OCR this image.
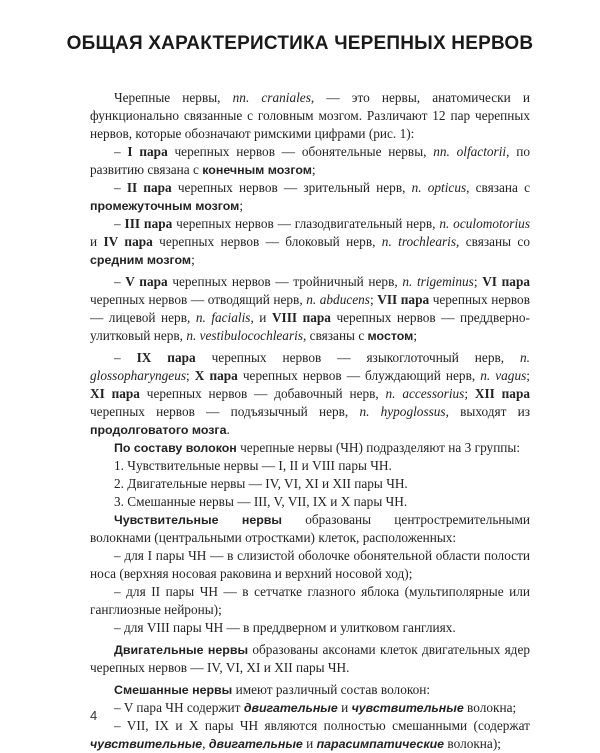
ОБЩАЯ ХАРАКТЕРИСТИКА ЧЕРЕПНЫХ НЕРВОВ

Черепные нервы, nn. craniales, — это нервы, анатомически и функционально связанные с головным мозгом. Различают 12 пар черепных нервов, которые обозначают римскими цифрами (рис. 1):

– I пара черепных нервов — обонятельные нервы, nn. olfactorii, по развитию связана с конечным мозгом;

– II пара черепных нервов — зрительный нерв, n. opticus, связана с промежуточным мозгом;

– III пара черепных нервов — глазодвигательный нерв, n. oculomotorius и IV пара черепных нервов — блоковый нерв, n. trochlearis, связаны со средним мозгом;

– V пара черепных нервов — тройничный нерв, n. trigeminus; VI пара черепных нервов — отводящий нерв, n. abducens; VII пара черепных нервов — лицевой нерв, n. facialis, и VIII пара черепных нервов — преддверно-улитковый нерв, n. vestibulocochlearis, связаны с мостом;

– IX пара черепных нервов — языкоглоточный нерв, n. glossopharyngeus; X пара черепных нервов — блуждающий нерв, n. vagus; XI пара черепных нервов — добавочный нерв, n. accessorius; XII пара черепных нервов — подъязычный нерв, n. hypoglossus, выходят из продолговатого мозга.

По составу волокон черепные нервы (ЧН) подразделяют на 3 группы:

1. Чувствительные нервы — I, II и VIII пары ЧН.

2. Двигательные нервы — IV, VI, XI и XII пары ЧН.

3. Смешанные нервы — III, V, VII, IX и X пары ЧН.

Чувствительные нервы образованы центростремительными волокнами (центральными отростками) клеток, расположенных:

– для I пары ЧН — в слизистой оболочке обонятельной области полости носа (верхняя носовая раковина и верхний носовой ход);

– для II пары ЧН — в сетчатке глазного яблока (мультиполярные или ганглиозные нейроны);

– для VIII пары ЧН — в преддверном и улитковом ганглиях.

Двигательные нервы образованы аксонами клеток двигательных ядер черепных нервов — IV, VI, XI и XII пары ЧН.

Смешанные нервы имеют различный состав волокон:

– V пара ЧН содержит двигательные и чувствительные волокна;

– VII, IX и X пары ЧН являются полностью смешанными (содержат чувствительные, двигательные и парасимпатические волокна);

4
